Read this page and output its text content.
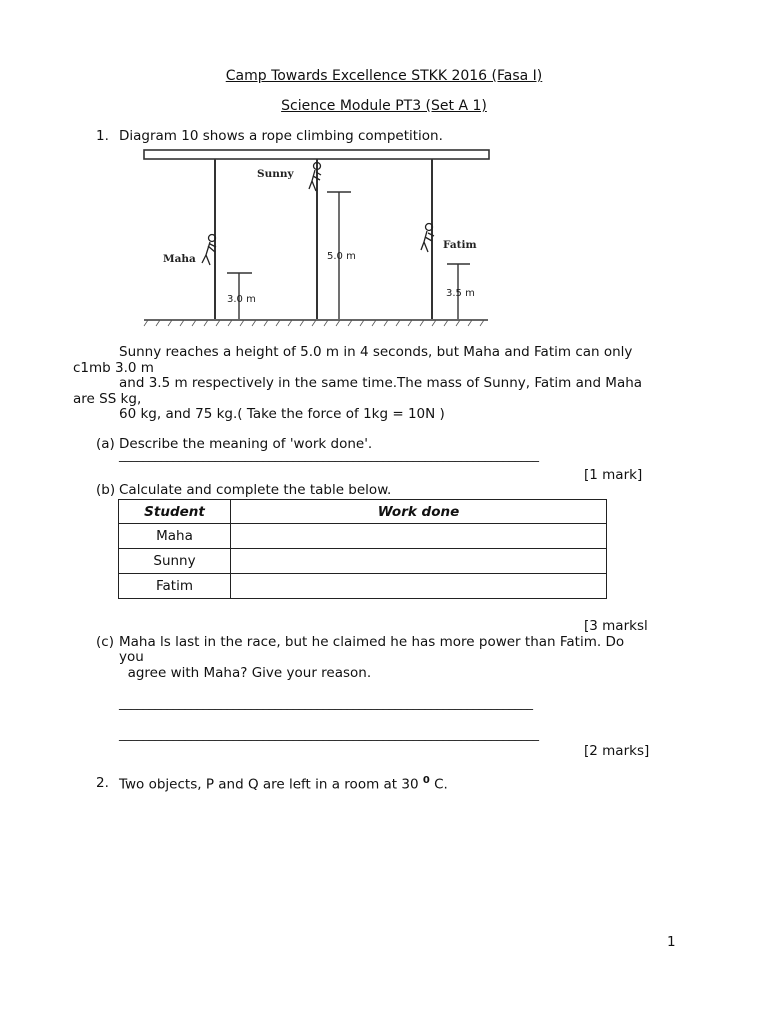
Camp Towards Excellence STKK 2016 (Fasa I)
Science Module PT3 (Set A 1)
1. Diagram 10 shows a rope climbing competition.
Sunny
Maha
Fatim
5.0 m
3.0 m
3.5 m
Sunny reaches a height of 5.0 m in 4 seconds, but Maha and Fatim can only
c1mb 3.0 m
and 3.5 m respectively in the same time.The mass of Sunny, Fatim and Maha
are SS kg,
60 kg, and 75 kg.( Take the force of 1kg = 10N )
(a) Describe the meaning of 'work done'.
______________________________________________________________________
[1 mark]
(b) Calculate and complete the table below.
Student	Work done
Maha	
Sunny	
Fatim	
[3 marksl
(c) Maha ls last in the race, but he claimed he has more power than Fatim. Do
you
agree with Maha? Give your reason.
_____________________________________________________________________
______________________________________________________________________
[2 marks]
2. Two objects, P and Q are left in a room at 30 $^0$ C.
1
